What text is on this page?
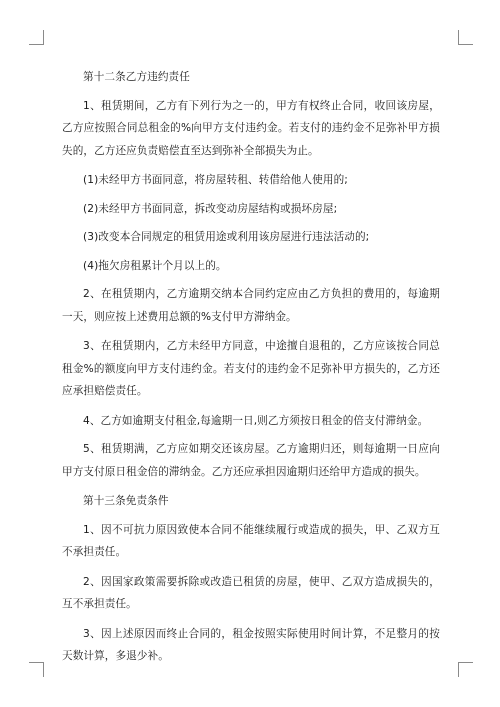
第十二条乙方违约责任

1、租赁期间，乙方有下列行为之一的，甲方有权终止合同，收回该房屋，乙方应按照合同总租金的%向甲方支付违约金。若支付的违约金不足弥补甲方损失的，乙方还应负责赔偿直至达到弥补全部损失为止。

(1)未经甲方书面同意，将房屋转租、转借给他人使用的;

(2)未经甲方书面同意，拆改变动房屋结构或损坏房屋;

(3)改变本合同规定的租赁用途或利用该房屋进行违法活动的;

(4)拖欠房租累计个月以上的。

2、在租赁期内，乙方逾期交纳本合同约定应由乙方负担的费用的，每逾期一天，则应按上述费用总额的%支付甲方滞纳金。

3、在租赁期内，乙方未经甲方同意，中途擅自退租的，乙方应该按合同总租金%的额度向甲方支付违约金。若支付的违约金不足弥补甲方损失的，乙方还应承担赔偿责任。

4、乙方如逾期支付租金,每逾期一日,则乙方须按日租金的倍支付滞纳金。

5、租赁期满，乙方应如期交还该房屋。乙方逾期归还，则每逾期一日应向甲方支付原日租金倍的滞纳金。乙方还应承担因逾期归还给甲方造成的损失。

第十三条免责条件

1、因不可抗力原因致使本合同不能继续履行或造成的损失，甲、乙双方互不承担责任。

2、因国家政策需要拆除或改造已租赁的房屋，使甲、乙双方造成损失的，互不承担责任。

3、因上述原因而终止合同的，租金按照实际使用时间计算，不足整月的按天数计算，多退少补。
